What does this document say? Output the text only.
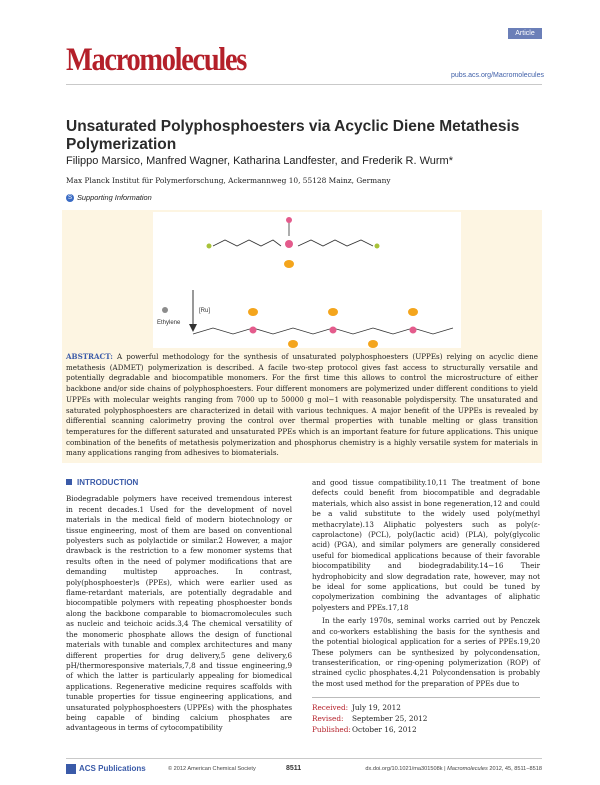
Article
Macromolecules	pubs.acs.org/Macromolecules
Unsaturated Polyphosphoesters via Acyclic Diene Metathesis Polymerization
Filippo Marsico, Manfred Wagner, Katharina Landfester, and Frederik R. Wurm*
Max Planck Institut für Polymerforschung, Ackermannweg 10, 55128 Mainz, Germany
S Supporting Information
Ethylene
[Ru]
ABSTRACT: A powerful methodology for the synthesis of unsaturated polyphosphoesters (UPPEs) relying on acyclic diene metathesis (ADMET) polymerization is described. A facile two-step protocol gives fast access to structurally versatile and potentially degradable and biocompatible monomers. For the first time this allows to control the microstructure of either backbone and/or side chains of polyphosphoesters. Four different monomers are polymerized under different conditions to yield UPPEs with molecular weights ranging from 7000 up to 50000 g mol−1 with reasonable polydispersity. The unsaturated and saturated polyphosphoesters are characterized in detail with various techniques. A major benefit of the UPPEs is revealed by differential scanning calorimetry proving the control over thermal properties with tunable melting or glass transition temperatures for the different saturated and unsaturated PPEs which is an important feature for future applications. This unique combination of the benefits of metathesis polymerization and phosphorus chemistry is a highly versatile system for materials in many applications ranging from adhesives to biomaterials.
INTRODUCTION

Biodegradable polymers have received tremendous interest in recent decades.1 Used for the development of novel materials in the medical field of modern biotechnology or tissue engineering, most of them are based on conventional polyesters such as polylactide or similar.2 However, a major drawback is the restriction to a few monomer systems that results often in the need of polymer modifications that are demanding multistep approaches. In contrast, poly(phosphoester)s (PPEs), which were earlier used as flame-retardant materials, are potentially degradable and biocompatible polymers with repeating phosphoester bonds along the backbone comparable to biomacromolecules such as nucleic and teichoic acids.3,4 The chemical versatility of the monomeric phosphate allows the design of functional materials with tunable and complex architectures and many different properties for drug delivery,5 gene delivery,6 pH/thermoresponsive materials,7,8 and tissue engineering,9 of which the latter is particularly appealing for biomedical applications. Regenerative medicine requires scaffolds with tunable properties for tissue engineering applications, and unsaturated polyphosphoesters (UPPEs) with the phosphates being capable of binding calcium phosphates are advantageous in terms of cytocompatibility

and good tissue compatibility.10,11 The treatment of bone defects could benefit from biocompatible and degradable materials, which also assist in bone regeneration,12 and could be a valid substitute to the widely used poly(methyl methacrylate).13 Aliphatic polyesters such as poly(ε-caprolactone) (PCL), poly(lactic acid) (PLA), poly(glycolic acid) (PGA), and similar polymers are generally considered useful for biomedical applications because of their favorable biocompatibility and biodegradability.14−16 Their hydrophobicity and slow degradation rate, however, may not be ideal for some applications, but could be tuned by copolymerization combining the advantages of aliphatic polyesters and PPEs.17,18

In the early 1970s, seminal works carried out by Penczek and co-workers establishing the basis for the synthesis and the potential biological application for a series of PPEs.19,20 These polymers can be synthesized by polycondensation, transesterification, or ring-opening polymerization (ROP) of strained cyclic phosphates.4,21 Polycondensation is probably the most used method for the preparation of PPEs due to

Received: July 19, 2012
Revised: September 25, 2012
Published:October 16, 2012
ACS Publications	© 2012 American Chemical Society	8511	dx.doi.org/10.1021/ma301508k | Macromolecules 2012, 45, 8511−8518
